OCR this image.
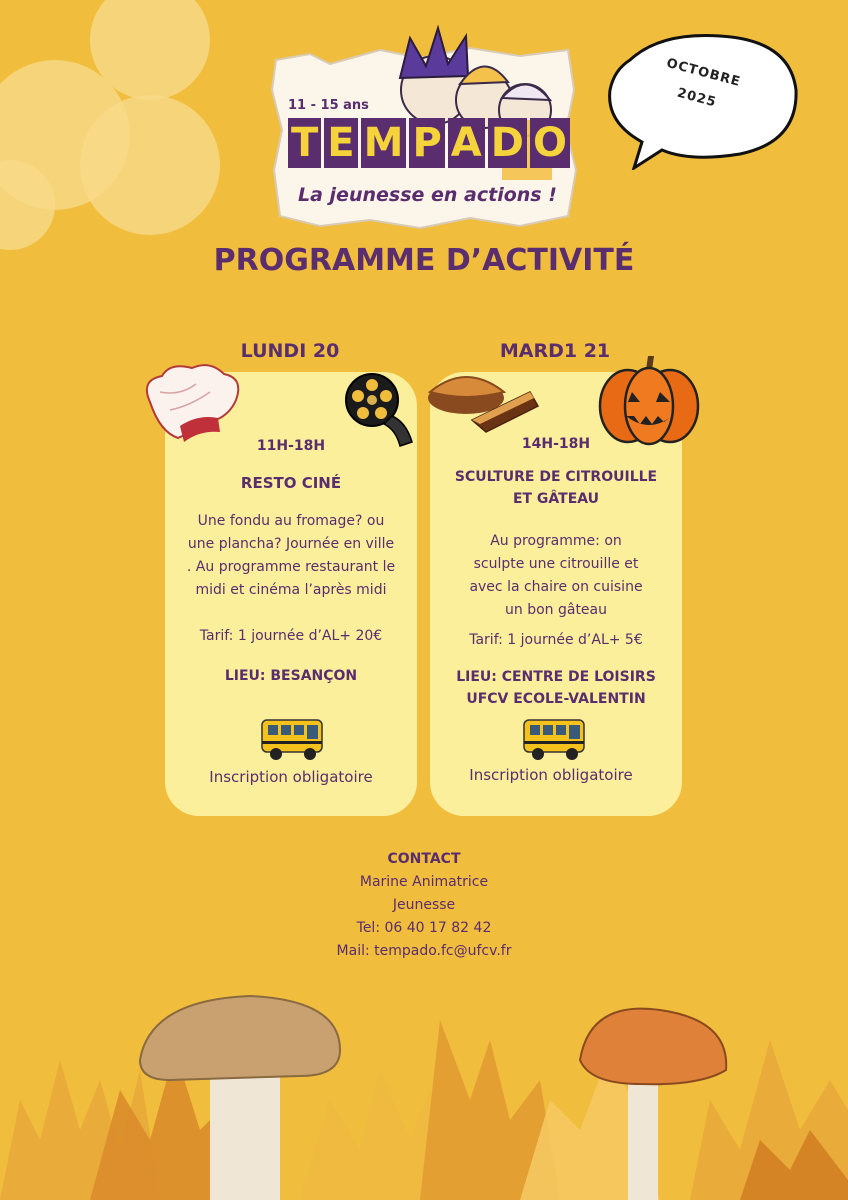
11 - 15 ans
T E M P A D O
La jeunesse en actions !
OCTOBRE
2025
PROGRAMME D’ACTIVITÉ
LUNDI 20	MARD1 21
11H-18H
RESTO CINÉ
Une fondu au fromage? ou
une plancha? Journée en ville
. Au programme restaurant le
midi et cinéma l’après midi
Tarif: 1 journée d’AL+ 20€
LIEU: BESANÇON
14H-18H
SCULTURE DE CITROUILLE
ET GÂTEAU
Au programme: on
sculpte une citrouille et
avec la chaire on cuisine
un bon gâteau
Tarif: 1 journée d’AL+ 5€
LIEU: CENTRE DE LOISIRS
UFCV ECOLE-VALENTIN
Inscription obligatoire	Inscription obligatoire
CONTACT
Marine Animatrice
Jeunesse
Tel: 06 40 17 82 42
Mail: tempado.fc@ufcv.fr
